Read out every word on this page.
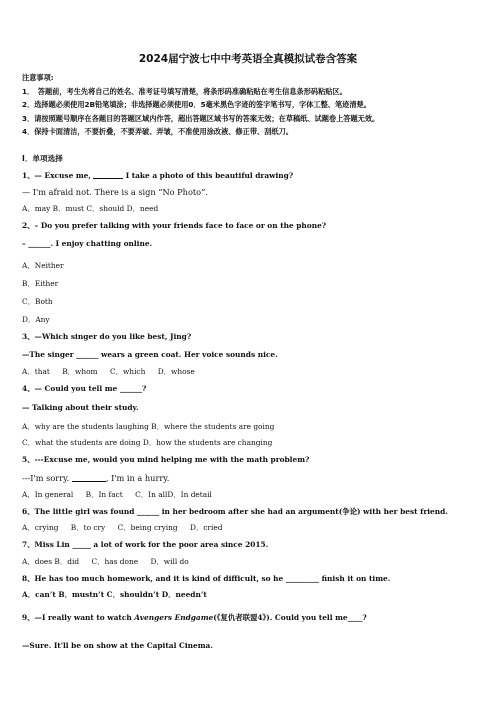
2024届宁波七中中考英语全真模拟试卷含答案
注意事项:
1．　答题前，考生先将自己的姓名、准考证号填写清楚，将条形码准确粘贴在考生信息条形码粘贴区。
2．选择题必须使用2B铅笔填涂；非选择题必须使用0．5毫米黑色字迹的签字笔书写，字体工整、笔迹清楚。
3．请按照题号顺序在各题目的答题区域内作答，超出答题区域书写的答案无效；在草稿纸、试题卷上答题无效。
4．保持卡面清洁，不要折叠，不要弄破、弄皱，不准使用涂改液、修正带、刮纸刀。
Ⅰ．单项选择
1、— Excuse me,	I take a photo of this beautiful drawing?
— I'm afraid not. There is a sign “No Photo”.
A．may B．must C．should D．need
2、– Do you prefer talking with your friends face to face or on the phone?
– ______. I enjoy chatting online.
A．Neither
B．Either
C．Both
D．Any
3、—Which singer do you like best, Jing?
—The singer ______ wears a green coat. Her voice sounds nice.
A．that B．whom C．which D．whose
4、— Could you tell me ______?
— Talking about their study.
A．why are the students laughing B．where the students are going
C．what the students are doing D．how the students are changing
5、---Excuse me, would you mind helping me with the math problem?
---I'm sorry.	, I'm in a hurry.
A．In general B．In fact C．In allD．In detail
6、The little girl was found ______ in her bedroom after she had an argument(争论) with her best friend.
A．crying B．to cry C．being crying D．cried
7、Miss Lin _____ a lot of work for the poor area since 2015.
A．does B．did C．has done D．will do
8、He has too much homework, and it is kind of difficult, so he _________ finish it on time.
A．can’t B．mustn’t C．shouldn’t D．needn’t
9、—I really want to watch Avengers Endgame(《复仇者联盟4》). Could you tell me____?
—Sure. It'll be on show at the Capital Cinema.
